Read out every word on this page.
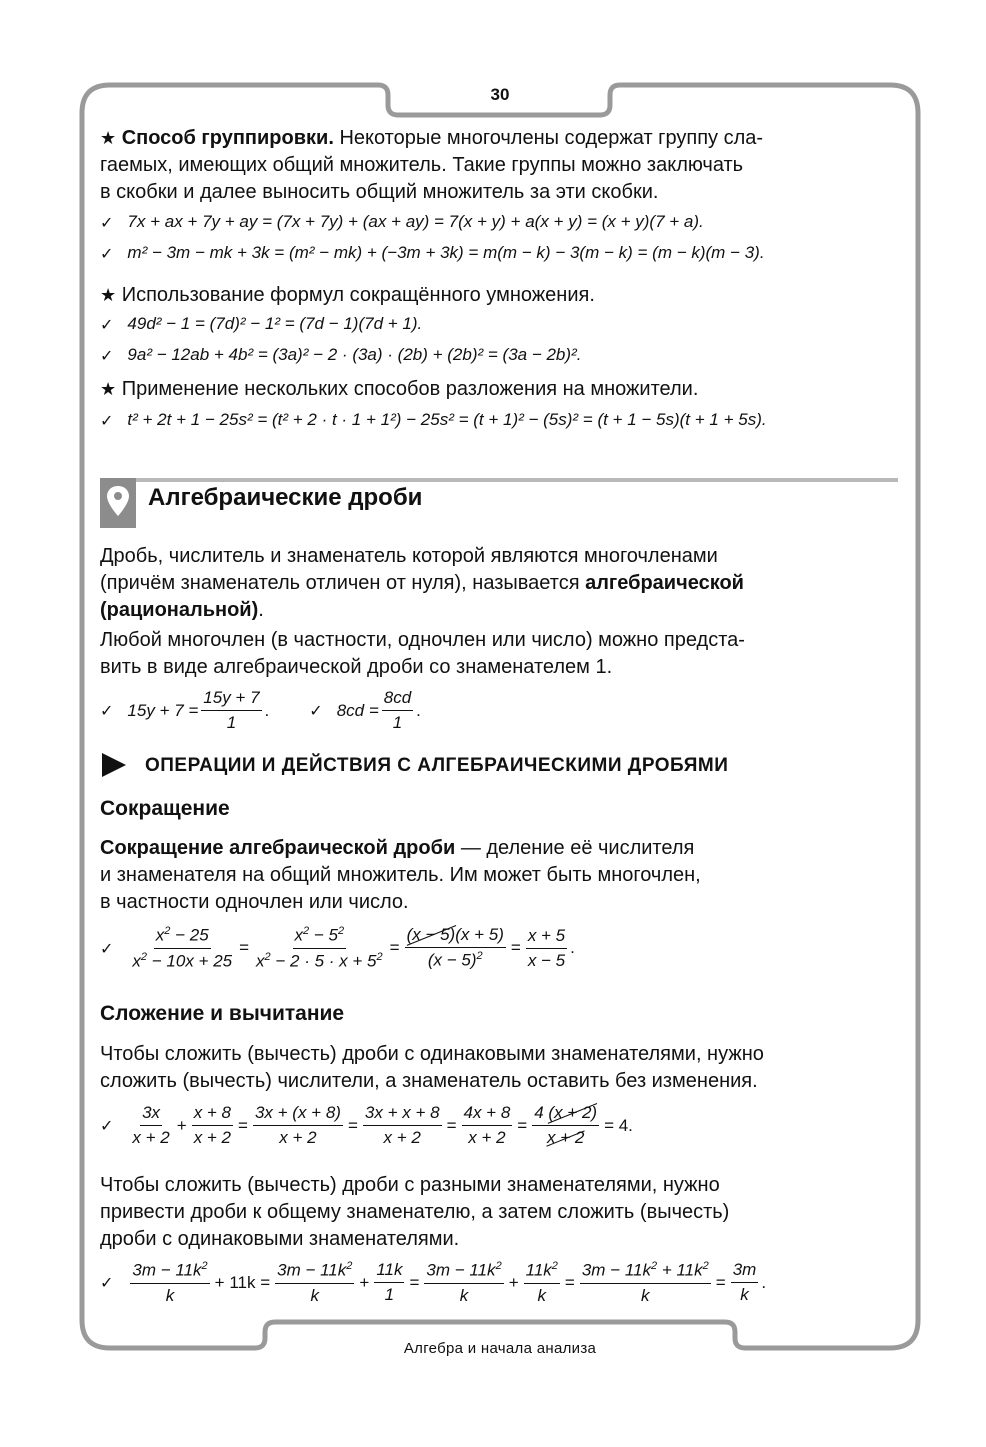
30

★ Способ группировки. Некоторые многочлены содержат группу сла-
гаемых, имеющих общий множитель. Такие группы можно заключать
в скобки и далее выносить общий множитель за эти скобки.

✓ 7x + ax + 7y + ay = (7x + 7y) + (ax + ay) = 7(x + y) + a(x + y) = (x + y)(7 + a).
✓ m² − 3m − mk + 3k = (m² − mk) + (−3m + 3k) = m(m − k) − 3(m − k) = (m − k)(m − 3).
★ Использование формул сокращённого умножения.
✓ 49d² − 1 = (7d)² − 1² = (7d − 1)(7d + 1).
✓ 9a² − 12ab + 4b² = (3a)² − 2 · (3a) · (2b) + (2b)² = (3a − 2b)².
★ Применение нескольких способов разложения на множители.
✓ t² + 2t + 1 − 25s² = (t² + 2 · t · 1 + 1²) − 25s² = (t + 1)² − (5s)² = (t + 1 − 5s)(t + 1 + 5s).
Алгебраические дроби

Дробь, числитель и знаменатель которой являются многочленами
(причём знаменатель отличен от нуля), называется алгебраической
(рациональной).

Любой многочлен (в частности, одночлен или число) можно предста-
вить в виде алгебраической дроби со знаменателем 1.

✓ $15y + 7 = \frac{15y + 7}{1}$ .	✓ $8cd = \frac{8cd}{1}$ .
ОПЕРАЦИИ И ДЕЙСТВИЯ С АЛГЕБРАИЧЕСКИМИ ДРОБЯМИ
Сокращение

Сокращение алгебраической дроби — деление её числителя
и знаменателя на общий множитель. Им может быть многочлен,
в частности одночлен или число.

✓ $\frac{x^2 - 25}{x^2 - 10x + 25} = \frac{x^2 - 5^2}{x^2 - 2 \cdot 5 \cdot x + 5^2} = \frac{(x - 5)(x + 5)}{(x - 5)^2} = \frac{x + 5}{x - 5}$ .
Сложение и вычитание

Чтобы сложить (вычесть) дроби с одинаковыми знаменателями, нужно
сложить (вычесть) числители, а знаменатель оставить без изменения.

✓ $\frac{3x}{x + 2} + \frac{x + 8}{x + 2} = \frac{3x + (x + 8)}{x + 2} = \frac{3x + x + 8}{x + 2} = \frac{4x + 8}{x + 2} = \frac{4 (x + 2)}{x + 2} = 4$.

Чтобы сложить (вычесть) дроби с разными знаменателями, нужно
привести дроби к общему знаменателю, а затем сложить (вычесть)
дроби с одинаковыми знаменателями.

✓ $\frac{3m - 11k^2}{k} + 11k = \frac{3m - 11k^2}{k} + \frac{11k}{1} = \frac{3m - 11k^2}{k} + \frac{11k^2}{k} = \frac{3m - 11k^2 + 11k^2}{k} = \frac{3m}{k}$ .
Алгебра и начала анализа
